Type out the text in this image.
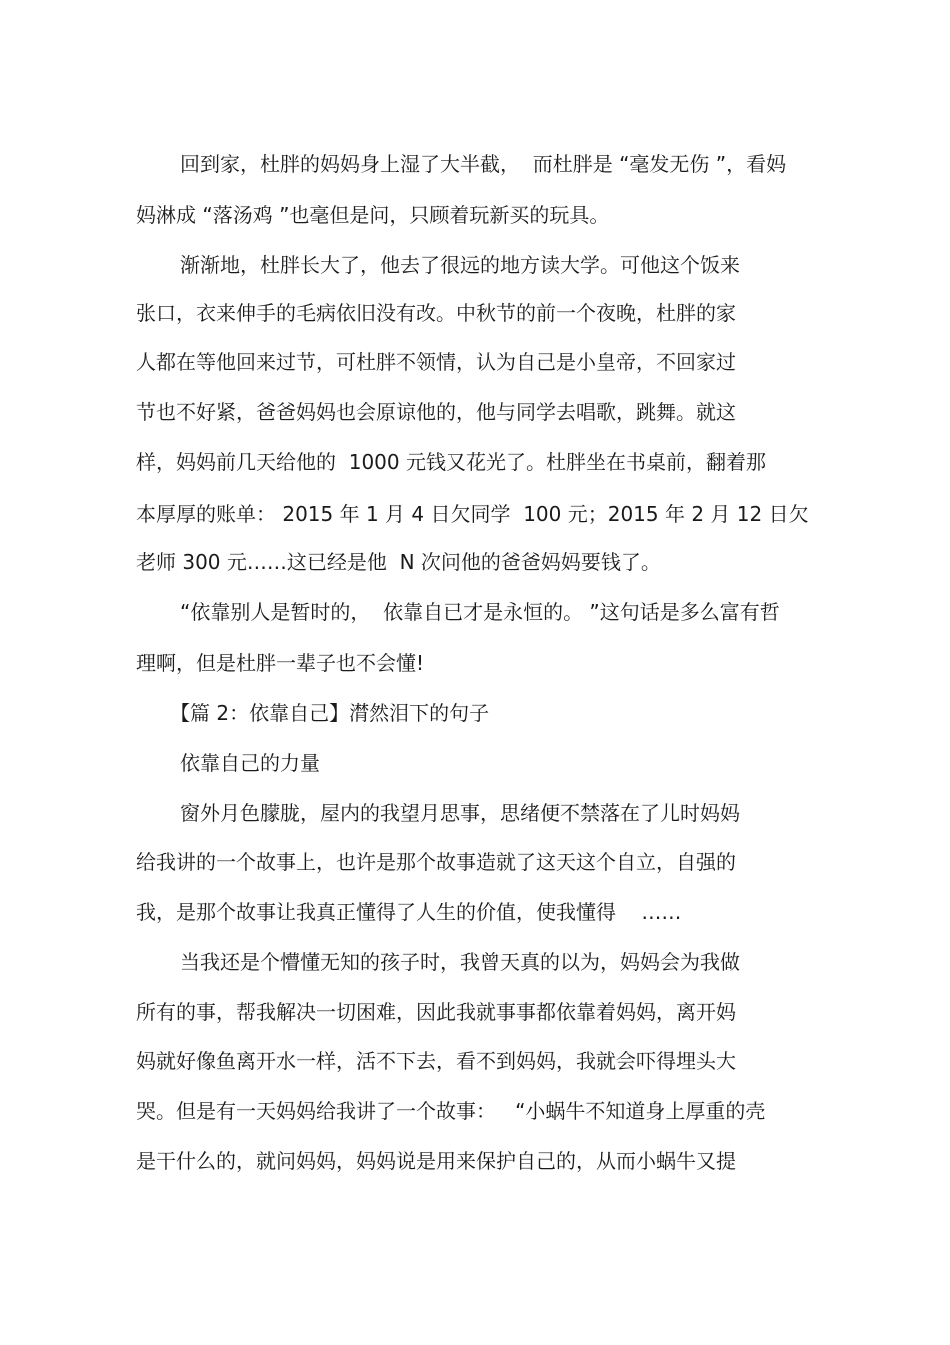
回到家，杜胖的妈妈身上湿了大半截，  而杜胖是 “毫发无伤 ”，看妈
妈淋成 “落汤鸡 ”也毫但是问，只顾着玩新买的玩具。
渐渐地，杜胖长大了，他去了很远的地方读大学。可他这个饭来
张口，衣来伸手的毛病依旧没有改。中秋节的前一个夜晚，杜胖的家
人都在等他回来过节，可杜胖不领情，认为自己是小皇帝，不回家过
节也不好紧，爸爸妈妈也会原谅他的，他与同学去唱歌，跳舞。就这
样，妈妈前几天给他的  1000 元钱又花光了。杜胖坐在书桌前，翻着那
本厚厚的账单： 2015 年 1 月 4 日欠同学  100 元；2015 年 2 月 12 日欠
老师 300 元……这已经是他  N 次问他的爸爸妈妈要钱了。
“依靠别人是暂时的，  依靠自已才是永恒的。 ”这句话是多么富有哲
理啊，但是杜胖一辈子也不会懂!
【篇 2：依靠自己】潸然泪下的句子
依靠自己的力量
窗外月色朦胧，屋内的我望月思事，思绪便不禁落在了儿时妈妈
给我讲的一个故事上，也许是那个故事造就了这天这个自立，自强的
我，是那个故事让我真正懂得了人生的价值，使我懂得    ……
当我还是个懵懂无知的孩子时，我曾天真的以为，妈妈会为我做
所有的事，帮我解决一切困难，因此我就事事都依靠着妈妈，离开妈
妈就好像鱼离开水一样，活不下去，看不到妈妈，我就会吓得埋头大
哭。但是有一天妈妈给我讲了一个故事：   “小蜗牛不知道身上厚重的壳
是干什么的，就问妈妈，妈妈说是用来保护自己的，从而小蜗牛又提
